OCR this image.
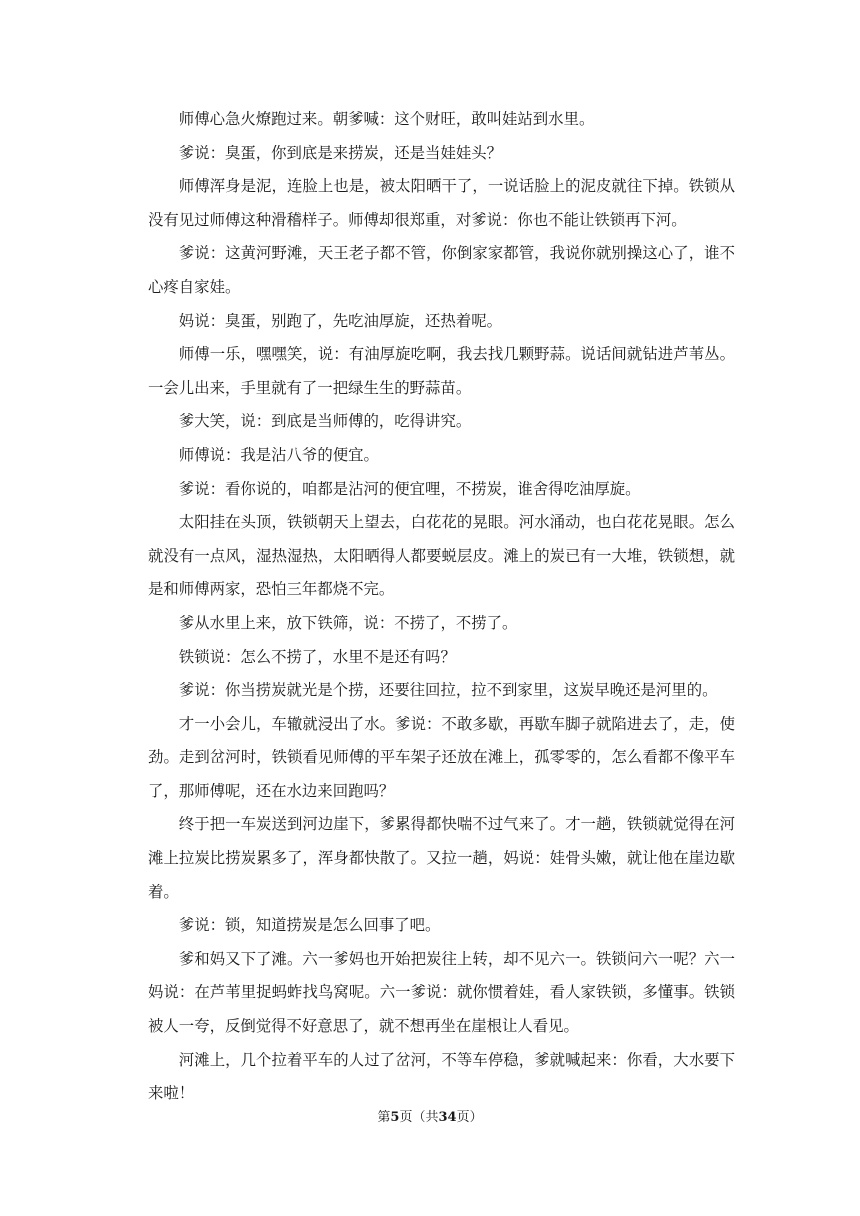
师傅心急火燎跑过来。朝爹喊：这个财旺，敢叫娃站到水里。

爹说：臭蛋，你到底是来捞炭，还是当娃娃头？

师傅浑身是泥，连脸上也是，被太阳晒干了，一说话脸上的泥皮就往下掉。铁锁从没有见过师傅这种滑稽样子。师傅却很郑重，对爹说：你也不能让铁锁再下河。

爹说：这黄河野滩，天王老子都不管，你倒家家都管，我说你就别操这心了，谁不心疼自家娃。

妈说：臭蛋，别跑了，先吃油厚旋，还热着呢。

师傅一乐，嘿嘿笑，说：有油厚旋吃啊，我去找几颗野蒜。说话间就钻进芦苇丛。一会儿出来，手里就有了一把绿生生的野蒜苗。

爹大笑，说：到底是当师傅的，吃得讲究。

师傅说：我是沾八爷的便宜。

爹说：看你说的，咱都是沾河的便宜哩，不捞炭，谁舍得吃油厚旋。

太阳挂在头顶，铁锁朝天上望去，白花花的晃眼。河水涌动，也白花花晃眼。怎么就没有一点风，湿热湿热，太阳晒得人都要蜕层皮。滩上的炭已有一大堆，铁锁想，就是和师傅两家，恐怕三年都烧不完。

爹从水里上来，放下铁筛，说：不捞了，不捞了。

铁锁说：怎么不捞了，水里不是还有吗？

爹说：你当捞炭就光是个捞，还要往回拉，拉不到家里，这炭早晚还是河里的。

才一小会儿，车辙就浸出了水。爹说：不敢多歇，再歇车脚子就陷进去了，走，使劲。走到岔河时，铁锁看见师傅的平车架子还放在滩上，孤零零的，怎么看都不像平车了，那师傅呢，还在水边来回跑吗？

终于把一车炭送到河边崖下，爹累得都快喘不过气来了。才一趟，铁锁就觉得在河滩上拉炭比捞炭累多了，浑身都快散了。又拉一趟，妈说：娃骨头嫩，就让他在崖边歇着。

爹说：锁，知道捞炭是怎么回事了吧。

爹和妈又下了滩。六一爹妈也开始把炭往上转，却不见六一。铁锁问六一呢？六一妈说：在芦苇里捉蚂蚱找鸟窝呢。六一爹说：就你惯着娃，看人家铁锁，多懂事。铁锁被人一夸，反倒觉得不好意思了，就不想再坐在崖根让人看见。

河滩上，几个拉着平车的人过了岔河，不等车停稳，爹就喊起来：你看，大水要下来啦！

第5页（共34页）
